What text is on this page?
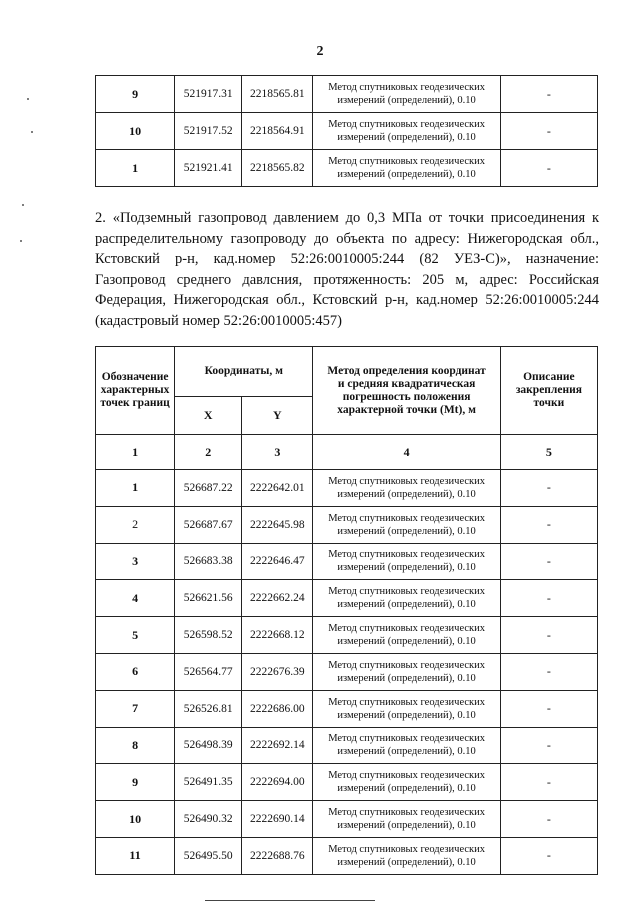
2
9	521917.31	2218565.81	Метод спутниковых геодезических
измерений (определений), 0.10	-
10	521917.52	2218564.91	Метод спутниковых геодезических
измерений (определений), 0.10	-
1	521921.41	2218565.82	Метод спутниковых геодезических
измерений (определений), 0.10	-

2. «Подземный газопровод давлением до 0,3 МПа от точки присоединения к распределительному газопроводу до объекта по адресу: Нижегородская обл., Кстовский р-н, кад.номер 52:26:0010005:244 (82 УЕЗ-С)», назначение: Газопровод среднего давлсния, протяженность: 205 м, адрес: Российская Федерация, Нижегородская обл., Кстовский р-н, кад.номер 52:26:0010005:244 (кадастровый номер 52:26:0010005:457)

Обозначение
характерных
точек границ	Координаты, м		Метод определения координат
и средняя квадратическая
погрешность положения
характерной точки (Mt), м	Описание
закрепления
точки
	X	Y		
1	2	3	4	5
1	526687.22	2222642.01	Метод спутниковых геодезических
измерений (определений), 0.10	-
2	526687.67	2222645.98	Метод спутниковых геодезических
измерений (определений), 0.10	-
3	526683.38	2222646.47	Метод спутниковых геодезических
измерений (определений), 0.10	-
4	526621.56	2222662.24	Метод спутниковых геодезических
измерений (определений), 0.10	-
5	526598.52	2222668.12	Метод спутниковых геодезических
измерений (определений), 0.10	-
6	526564.77	2222676.39	Метод спутниковых геодезических
измерений (определений), 0.10	-
7	526526.81	2222686.00	Метод спутниковых геодезических
измерений (определений), 0.10	-
8	526498.39	2222692.14	Метод спутниковых геодезических
измерений (определений), 0.10	-
9	526491.35	2222694.00	Метод спутниковых геодезических
измерений (определений), 0.10	-
10	526490.32	2222690.14	Метод спутниковых геодезических
измерений (определений), 0.10	-
11	526495.50	2222688.76	Метод спутниковых геодезических
измерений (определений), 0.10	-
